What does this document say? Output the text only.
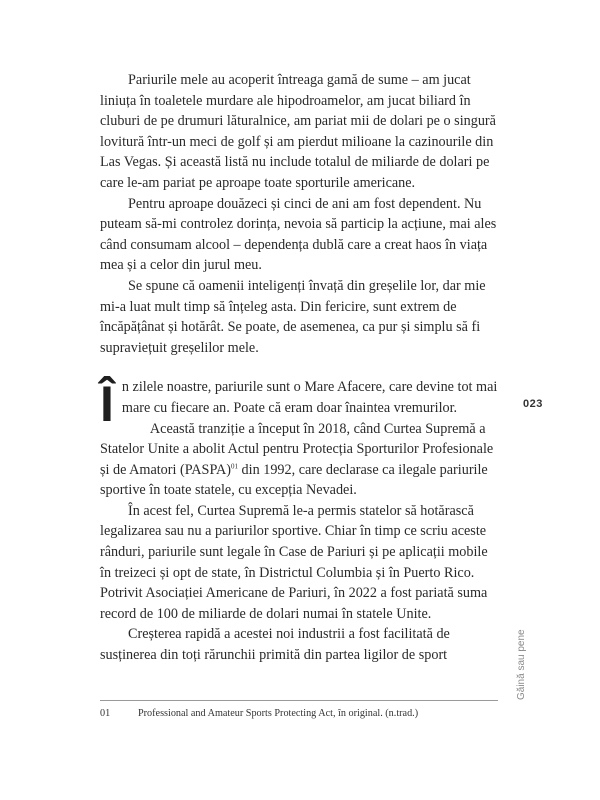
Pariurile mele au acoperit întreaga gamă de sume – am jucat liniuța în toaletele murdare ale hipodroamelor, am jucat biliard în cluburi de pe drumuri lăturalnice, am pariat mii de dolari pe o singură lovitură într-un meci de golf și am pierdut milioane la cazinourile din Las Vegas. Și această listă nu include totalul de miliarde de dolari pe care le-am pariat pe aproape toate sporturile americane.

Pentru aproape douăzeci și cinci de ani am fost dependent. Nu puteam să-mi controlez dorința, nevoia să particip la acțiune, mai ales când consumam alcool – dependența dublă care a creat haos în viața mea și a celor din jurul meu.

Se spune că oamenii inteligenți învață din greșelile lor, dar mie mi-a luat mult timp să înțeleg asta. Din fericire, sunt extrem de încăpățânat și hotărât. Se poate, de asemenea, ca pur și simplu să fi supraviețuit greșelilor mele.

În zilele noastre, pariurile sunt o Mare Afacere, care devine tot mai mare cu fiecare an. Poate că eram doar înaintea vremurilor.

Această tranziție a început în 2018, când Curtea Supremă a Statelor Unite a abolit Actul pentru Protecția Sporturilor Profesionale și de Amatori (PASPA)$^{01}$ din 1992, care declarase ca ilegale pariurile sportive în toate statele, cu excepția Nevadei.

În acest fel, Curtea Supremă le-a permis statelor să hotărască legalizarea sau nu a pariurilor sportive. Chiar în timp ce scriu aceste rânduri, pariurile sunt legale în Case de Pariuri și pe aplicații mobile în treizeci și opt de state, în Districtul Columbia și în Puerto Rico. Potrivit Asociației Americane de Pariuri, în 2022 a fost pariată suma record de 100 de miliarde de dolari numai în statele Unite.

Creșterea rapidă a acestei noi industrii a fost facilitată de susținerea din toți rărunchii primită din partea ligilor de sport

023
Găină sau pene
01	Professional and Amateur Sports Protecting Act, în original. (n.trad.)
